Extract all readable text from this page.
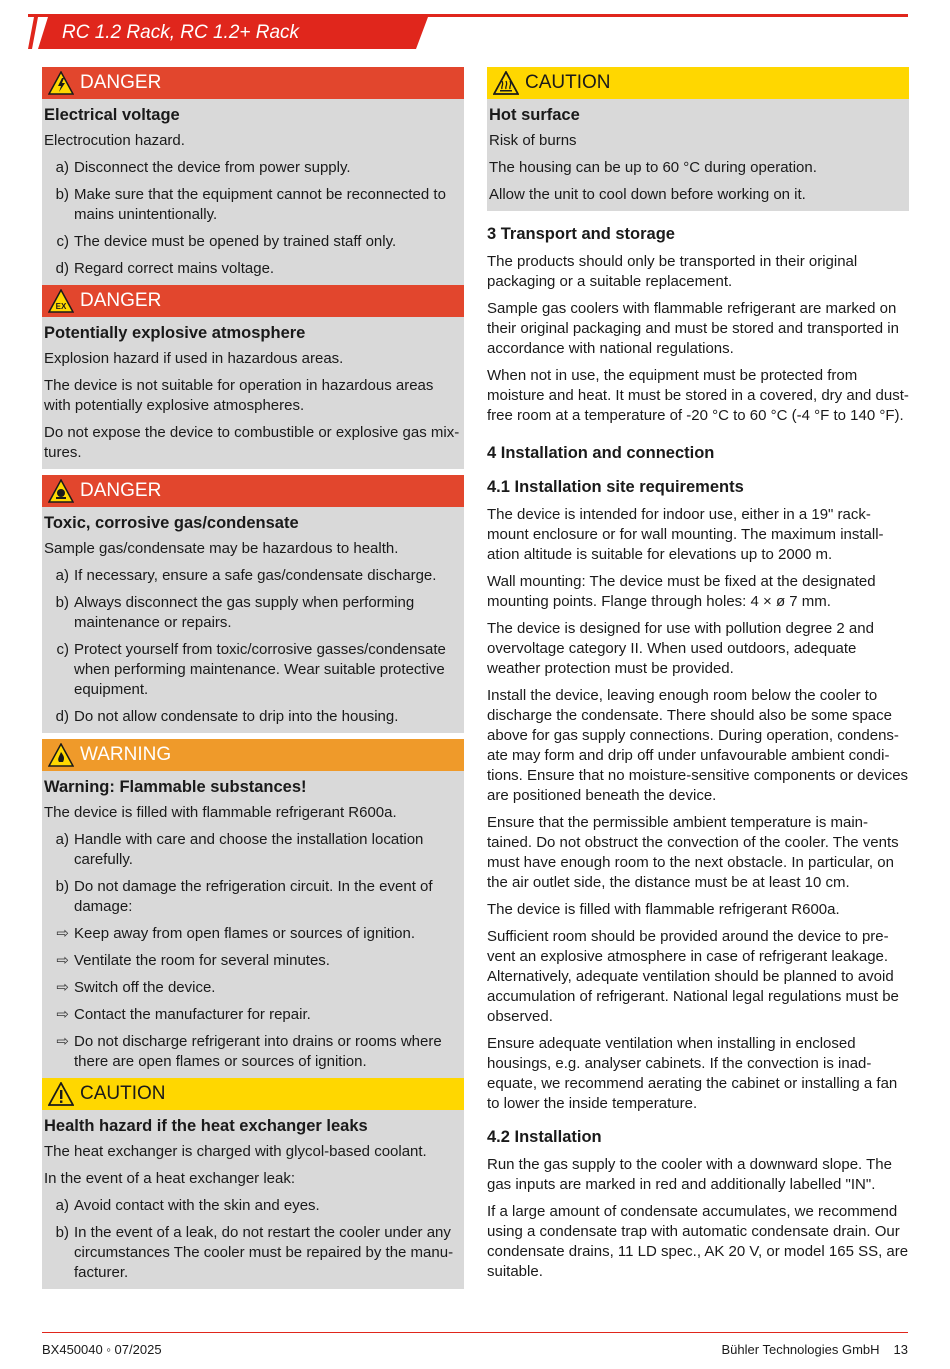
RC 1.2 Rack, RC 1.2+ Rack
DANGER
Electrical voltage
Electrocution hazard.
a) Disconnect the device from power supply.
b) Make sure that the equipment cannot be reconnected to mains unintentionally.
c) The device must be opened by trained staff only.
d) Regard correct mains voltage.
EX DANGER
Potentially explosive atmosphere
Explosion hazard if used in hazardous areas.
The device is not suitable for operation in hazardous areas with potentially explosive atmospheres.
Do not expose the device to combustible or explosive gas mix-tures.
DANGER
Toxic, corrosive gas/condensate
Sample gas/condensate may be hazardous to health.
a) If necessary, ensure a safe gas/condensate discharge.
b) Always disconnect the gas supply when performing maintenance or repairs.
c) Protect yourself from toxic/corrosive gasses/condensate when performing maintenance. Wear suitable protective equipment.
d) Do not allow condensate to drip into the housing.
WARNING
Warning: Flammable substances!
The device is filled with flammable refrigerant R600a.
a) Handle with care and choose the installation location carefully.
b) Do not damage the refrigeration circuit. In the event of damage:
⇨ Keep away from open flames or sources of ignition.
⇨ Ventilate the room for several minutes.
⇨ Switch off the device.
⇨ Contact the manufacturer for repair.
⇨ Do not discharge refrigerant into drains or rooms where there are open flames or sources of ignition.
CAUTION
Health hazard if the heat exchanger leaks
The heat exchanger is charged with glycol-based coolant.
In the event of a heat exchanger leak:
a) Avoid contact with the skin and eyes.
b) In the event of a leak, do not restart the cooler under any circumstances The cooler must be repaired by the manu-facturer.
CAUTION
Hot surface
Risk of burns
The housing can be up to 60 °C during operation.
Allow the unit to cool down before working on it.
3 Transport and storage
The products should only be transported in their original packaging or a suitable replacement.
Sample gas coolers with flammable refrigerant are marked on their original packaging and must be stored and transported in accordance with national regulations.
When not in use, the equipment must be protected from moisture and heat. It must be stored in a covered, dry and dust-free room at a temperature of -20 °C to 60 °C (-4 °F to 140 °F).
4 Installation and connection
4.1 Installation site requirements
The device is intended for indoor use, either in a 19" rack-mount enclosure or for wall mounting. The maximum install-ation altitude is suitable for elevations up to 2000 m.
Wall mounting: The device must be fixed at the designated mounting points. Flange through holes: 4 × ø 7 mm.
The device is designed for use with pollution degree 2 and overvoltage category II. When used outdoors, adequate weather protection must be provided.
Install the device, leaving enough room below the cooler to discharge the condensate. There should also be some space above for gas supply connections. During operation, condens-ate may form and drip off under unfavourable ambient condi-tions. Ensure that no moisture-sensitive components or devices are positioned beneath the device.
Ensure that the permissible ambient temperature is main-tained. Do not obstruct the convection of the cooler. The vents must have enough room to the next obstacle. In particular, on the air outlet side, the distance must be at least 10 cm.
The device is filled with flammable refrigerant R600a.
Sufficient room should be provided around the device to pre-vent an explosive atmosphere in case of refrigerant leakage. Alternatively, adequate ventilation should be planned to avoid accumulation of refrigerant. National legal regulations must be observed.
Ensure adequate ventilation when installing in enclosed housings, e.g. analyser cabinets. If the convection is inad-equate, we recommend aerating the cabinet or installing a fan to lower the inside temperature.
4.2 Installation
Run the gas supply to the cooler with a downward slope. The gas inputs are marked in red and additionally labelled "IN".
If a large amount of condensate accumulates, we recommend using a condensate trap with automatic condensate drain. Our condensate drains, 11 LD spec., AK 20 V, or model 165 SS, are suitable.
BX450040 ◦ 07/2025	Bühler Technologies GmbH 13
